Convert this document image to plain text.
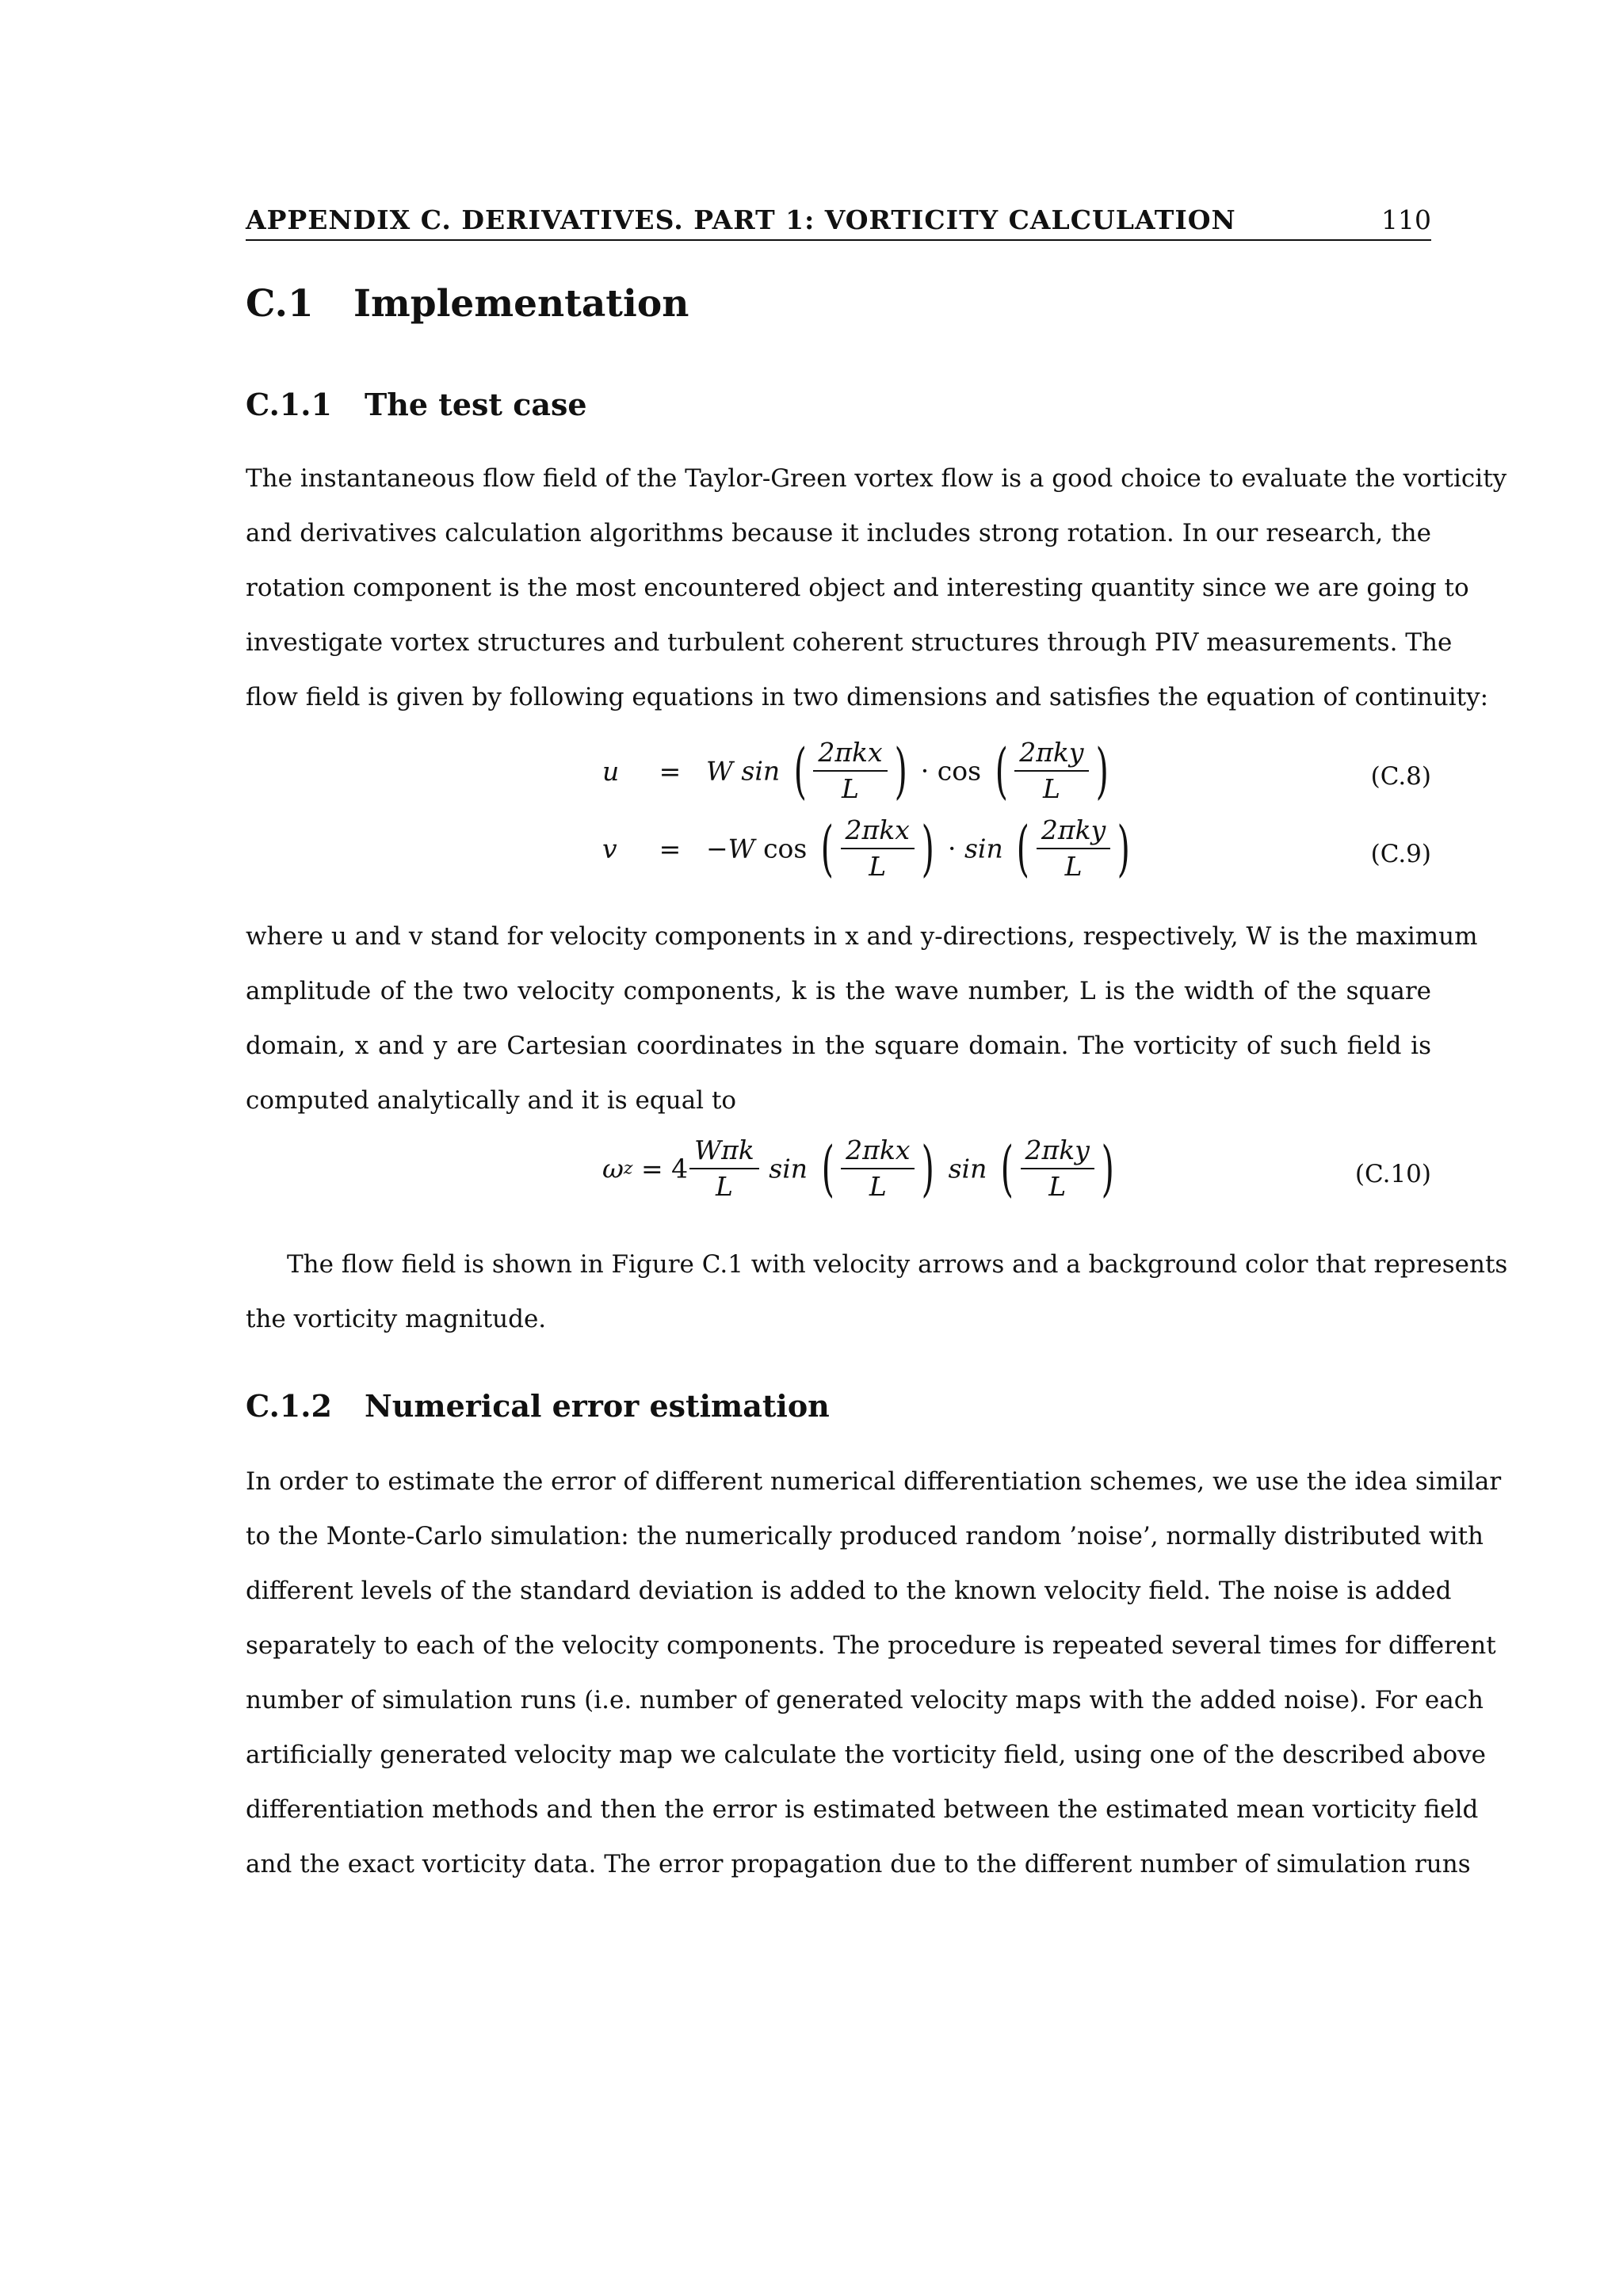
APPENDIX C. DERIVATIVES. PART 1: VORTICITY CALCULATION	110
C.1 Implementation
C.1.1 The test case
The instantaneous flow field of the Taylor-Green vortex flow is a good choice to evaluate the vorticity
and derivatives calculation algorithms because it includes strong rotation. In our research, the
rotation component is the most encountered object and interesting quantity since we are going to
investigate vortex structures and turbulent coherent structures through PIV measurements. The
flow field is given by following equations in two dimensions and satisfies the equation of continuity:
u = W sin ( $\frac{\text{2πkx}}{L}$ ) · cos ( $\frac{\text{2πky}}{L}$ )	(C.8)
v = −W cos ( $\frac{\text{2πkx}}{L}$ ) · sin ( $\frac{\text{2πky}}{L}$ )	(C.9)
where u and v stand for velocity components in x and y-directions, respectively, W is the maximum
amplitude of the two velocity components, k is the wave number, L is the width of the square
domain, x and y are Cartesian coordinates in the square domain. The vorticity of such field is
computed analytically and it is equal to
$\omega z = 4 \frac{\text{Wπk}}{L}$ sin ( $\frac{\text{2πkx}}{L}$ ) sin ( $\frac{\text{2πky}}{L}$ )	(C.10)
The flow field is shown in Figure C.1 with velocity arrows and a background color that represents
the vorticity magnitude.
C.1.2 Numerical error estimation
In order to estimate the error of different numerical differentiation schemes, we use the idea similar
to the Monte-Carlo simulation: the numerically produced random ’noise’, normally distributed with
different levels of the standard deviation is added to the known velocity field. The noise is added
separately to each of the velocity components. The procedure is repeated several times for different
number of simulation runs (i.e. number of generated velocity maps with the added noise). For each
artificially generated velocity map we calculate the vorticity field, using one of the described above
differentiation methods and then the error is estimated between the estimated mean vorticity field
and the exact vorticity data. The error propagation due to the different number of simulation runs
